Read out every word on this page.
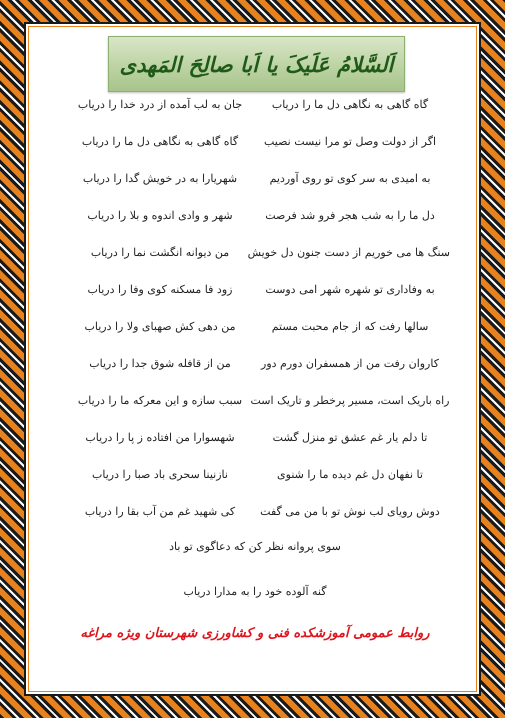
اَلسَّلامُ عَلَیکَ یا اَبا صالِحَ المَهدی
گاه گاهی به نگاهی دل ما را دریاب
جان به لب آمده از درد خدا را دریاب
اگر از دولت وصل تو مرا نیست نصیب
گاه گاهی به نگاهی دل ما را دریاب
به امیدی به سر کوی تو روی آوردیم
شهریارا به در خویش گدا را دریاب
دل ما را به شب هجر فرو شد فرصت
شهر و وادی اندوه و بلا را دریاب
سنگ ها می خوریم از دست جنون دل خویش
من دیوانه انگشت نما را دریاب
به وفاداری تو شهره شهر امی دوست
زود فا مسکنه کوی وفا را دریاب
سالها رفت که از جام محبت مستم
من دهی کش صهبای ولا را دریاب
کاروان رفت من از همسفران دورم دور
من از قافله شوق جدا را دریاب
راه باریک است، مسیر پرخطر و تاریک است
سبب سازه و این معرکه ما را دریاب
تا دلم یار غم عشق تو منزل گشت
شهسوارا من افتاده ز پا را دریاب
تا نفهان دل غم دیده ما را شنوی
نازنینا سحری باد صبا را دریاب
دوش رویای لب نوش تو با من می گفت
کی شهید غم من آب بقا را دریاب
سوی پروانه نظر کن که دعاگوی تو باد
گنه آلوده خود را به مدارا دریاب
روابط عمومی آموزشکده فنی و کشاورزی شهرستان ویژه مراغه
